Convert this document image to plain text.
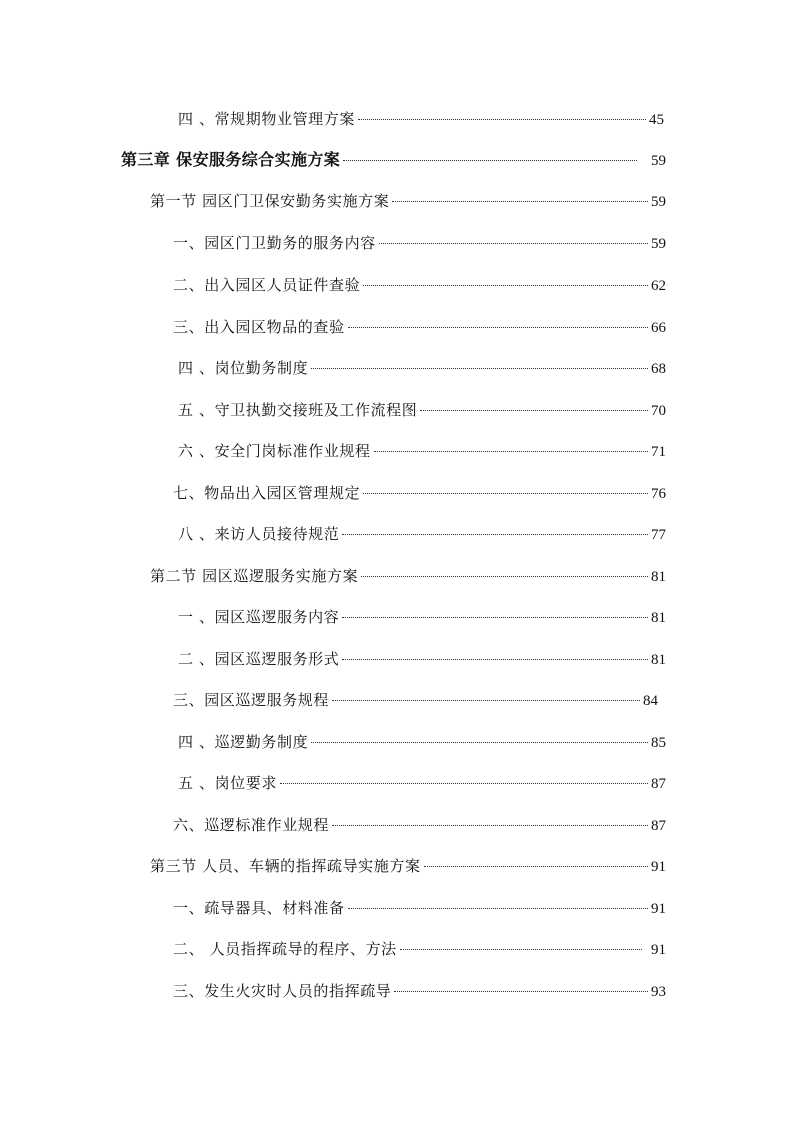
四 、常规期物业管理方案	45
第三章 保安服务综合实施方案	59
第一节 园区门卫保安勤务实施方案	59
一、园区门卫勤务的服务内容	59
二、出入园区人员证件查验	62
三、出入园区物品的查验	66
四 、岗位勤务制度	68
五 、守卫执勤交接班及工作流程图	70
六 、安全门岗标准作业规程	71
七、物品出入园区管理规定	76
八 、来访人员接待规范	77
第二节 园区巡逻服务实施方案	81
一 、园区巡逻服务内容	81
二 、园区巡逻服务形式	81
三、园区巡逻服务规程	84
四 、巡逻勤务制度	85
五 、岗位要求	87
六、巡逻标准作业规程	87
第三节 人员、车辆的指挥疏导实施方案	91
一、疏导器具、材料准备	91
二、 人员指挥疏导的程序、方法	91
三、发生火灾时人员的指挥疏导	93
